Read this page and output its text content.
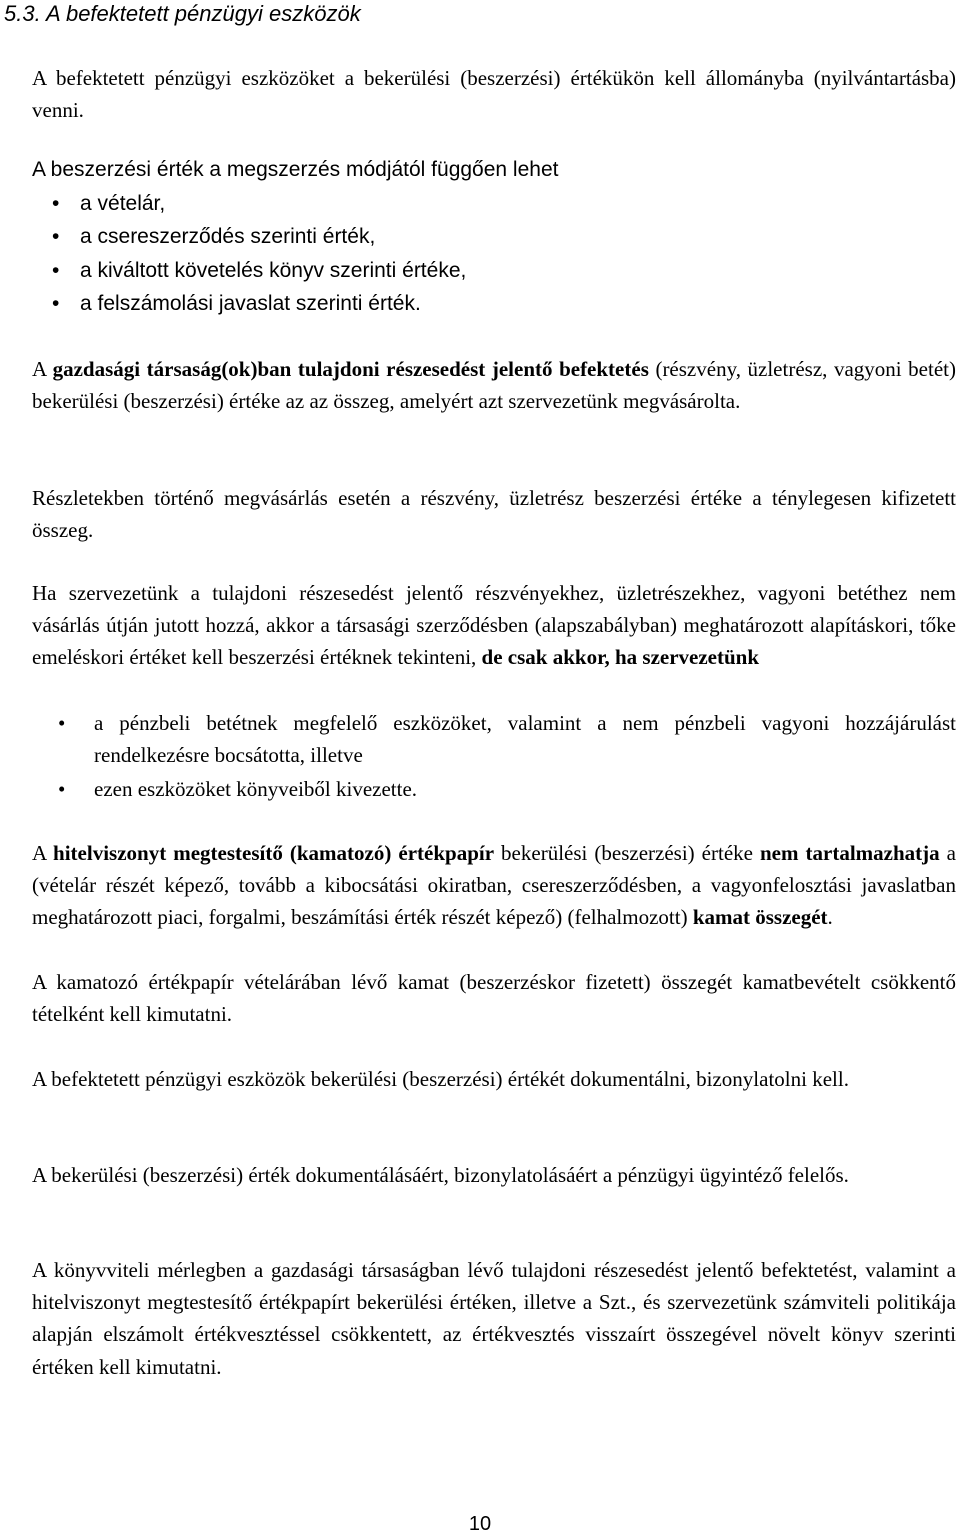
5.3. A befektetett pénzügyi eszközök
A befektetett pénzügyi eszközöket a bekerülési (beszerzési) értékükön kell állományba (nyilvántartásba) venni.
A beszerzési érték a megszerzés módjától függően lehet
• a vételár,
• a csereszerződés szerinti érték,
• a kiváltott követelés könyv szerinti értéke,
• a felszámolási javaslat szerinti érték.
A gazdasági társaság(ok)ban tulajdoni részesedést jelentő befektetés (részvény, üzletrész, vagyoni betét) bekerülési (beszerzési) értéke az az összeg, amelyért azt szervezetünk megvásárolta.
Részletekben történő megvásárlás esetén a részvény, üzletrész beszerzési értéke a ténylegesen kifizetett összeg.
Ha szervezetünk a tulajdoni részesedést jelentő részvényekhez, üzletrészekhez, vagyoni betéthez nem vásárlás útján jutott hozzá, akkor a társasági szerződésben (alapszabályban) meghatározott alapításkori, tőke emeléskori értéket kell beszerzési értéknek tekinteni, de csak akkor, ha szervezetünk
•	a pénzbeli betétnek megfelelő eszközöket, valamint a nem pénzbeli vagyoni hozzájárulást rendelkezésre bocsátotta, illetve
•	ezen eszközöket könyveiből kivezette.
A hitelviszonyt megtestesítő (kamatozó) értékpapír bekerülési (beszerzési) értéke nem tartalmazhatja a (vételár részét képező, tovább a kibocsátási okiratban, csereszerződésben, a vagyonfelosztási javaslatban meghatározott piaci, forgalmi, beszámítási érték részét képező) (felhalmozott) kamat összegét.
A kamatozó értékpapír vételárában lévő kamat (beszerzéskor fizetett) összegét kamatbevételt csökkentő tételként kell kimutatni.
A befektetett pénzügyi eszközök bekerülési (beszerzési) értékét dokumentálni, bizonylatolni kell.
A bekerülési (beszerzési) érték dokumentálásáért, bizonylatolásáért a pénzügyi ügyintéző felelős.
A könyvviteli mérlegben a gazdasági társaságban lévő tulajdoni részesedést jelentő befektetést, valamint a hitelviszonyt megtestesítő értékpapírt bekerülési értéken, illetve a Szt., és szervezetünk számviteli politikája alapján elszámolt értékvesztéssel csökkentett, az értékvesztés visszaírt összegével növelt könyv szerinti értéken kell kimutatni.
10
